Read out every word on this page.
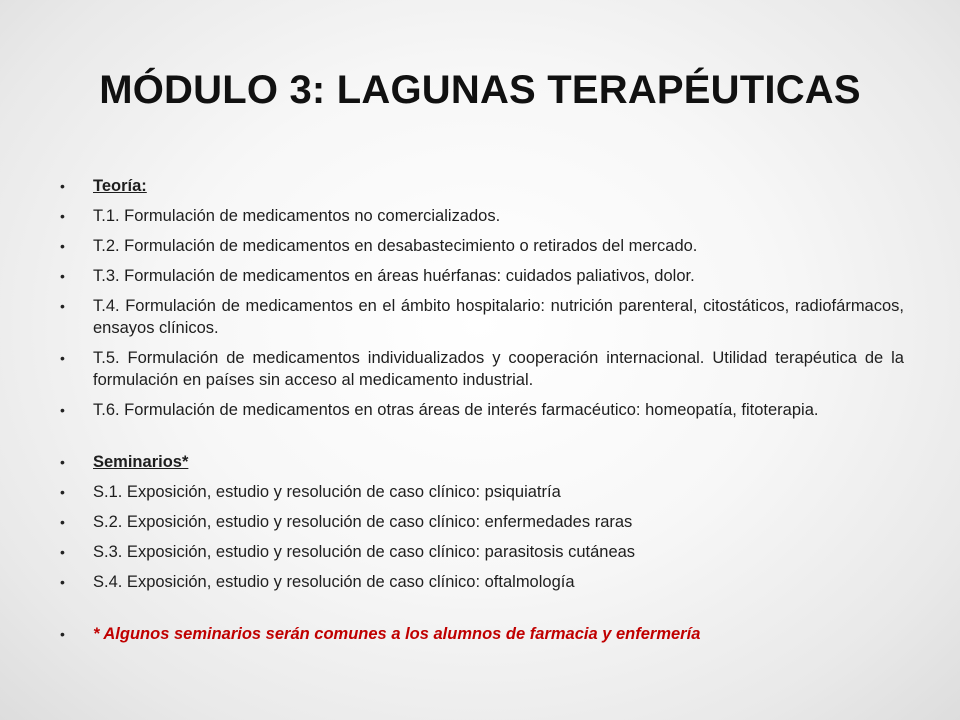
MÓDULO 3: LAGUNAS TERAPÉUTICAS
• Teoría:
• T.1. Formulación de medicamentos no comercializados.
• T.2. Formulación de medicamentos en desabastecimiento o retirados del mercado.
• T.3. Formulación de medicamentos en áreas huérfanas: cuidados paliativos, dolor.
• T.4. Formulación de medicamentos en el ámbito hospitalario: nutrición parenteral, citostáticos, radiofármacos, ensayos clínicos.
• T.5. Formulación de medicamentos individualizados y cooperación internacional. Utilidad terapéutica de la formulación en países sin acceso al medicamento industrial.
• T.6. Formulación de medicamentos en otras áreas de interés farmacéutico: homeopatía, fitoterapia.
• Seminarios*
• S.1. Exposición, estudio y resolución de caso clínico: psiquiatría
• S.2. Exposición, estudio y resolución de caso clínico: enfermedades raras
• S.3. Exposición, estudio y resolución de caso clínico: parasitosis cutáneas
• S.4. Exposición, estudio y resolución de caso clínico: oftalmología
• * Algunos seminarios serán comunes a los alumnos de farmacia y enfermería
